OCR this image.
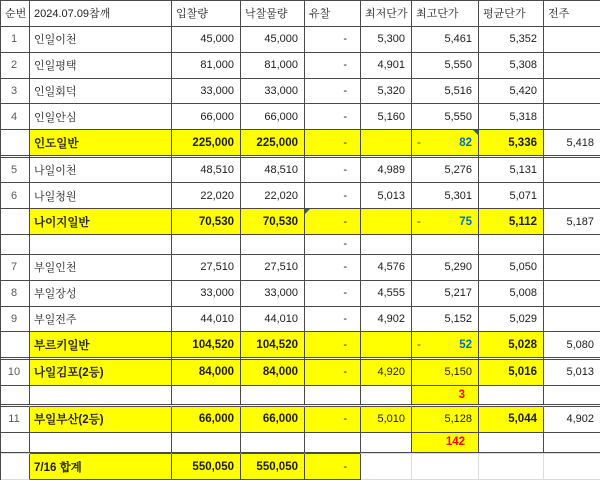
순번	2024.07.09참깨	입찰량	낙찰물량	유찰	최저단가	최고단가	평균단가	전주

1	인일이천	45,000	45,000	-	5,300	5,461	5,352	

2	인일평택	81,000	81,000	-	4,901	5,550	5,308	

3	인일회덕	33,000	33,000	-	5,320	5,516	5,420	

4	인일안심	66,000	66,000	-	5,160	5,550	5,318	

	인도일반	225,000	225,000	-		- 82	5,336	5,418

5	나일이천	48,510	48,510	-	4,989	5,276	5,131	

6	나일청원	22,020	22,020	-	5,013	5,301	5,071	

	나이지일반	70,530	70,530	-		- 75	5,112	5,187

				-				

7	부일인천	27,510	27,510	-	4,576	5,290	5,050	

8	부일장성	33,000	33,000	-	4,555	5,217	5,008	

9	부일전주	44,010	44,010	-	4,902	5,152	5,029	

	부르키일반	104,520	104,520	-		- 52	5,028	5,080

10	나일김포(2등)	84,000	84,000	-	4,920	5,150	5,016	5,013

						3		

11	부일부산(2등)	66,000	66,000	-	5,010	5,128	5,044	4,902

						142		

	7/16 합계	550,050	550,050	-				
